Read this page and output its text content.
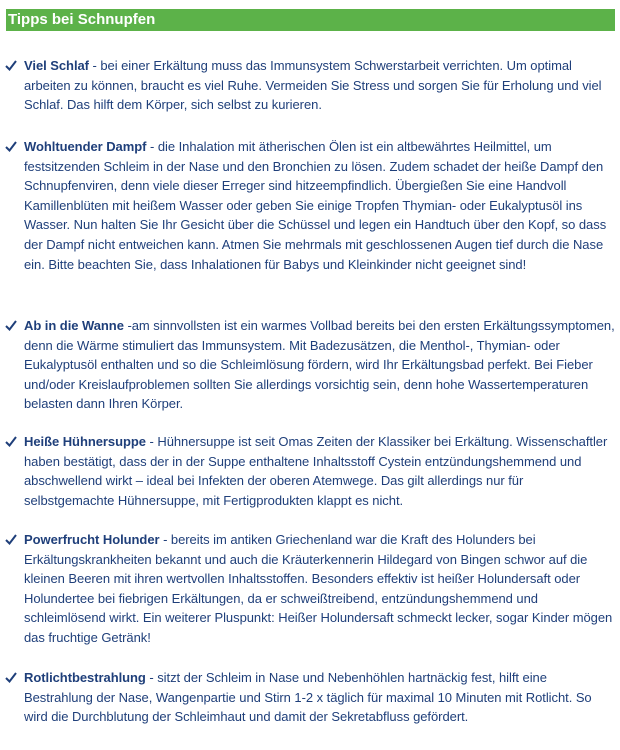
Tipps bei Schnupfen

Viel Schlaf - bei einer Erkältung muss das Immunsystem Schwerstarbeit verrichten. Um optimal arbeiten zu können, braucht es viel Ruhe. Vermeiden Sie Stress und sorgen Sie für Erholung und viel Schlaf. Das hilft dem Körper, sich selbst zu kurieren.

Wohltuender Dampf - die Inhalation mit ätherischen Ölen ist ein altbewährtes Heilmittel, um festsitzenden Schleim in der Nase und den Bronchien zu lösen. Zudem schadet der heiße Dampf den Schnupfenviren, denn viele dieser Erreger sind hitzeempfindlich. Übergießen Sie eine Handvoll Kamillenblüten mit heißem Wasser oder geben Sie einige Tropfen Thymian- oder Eukalyptusöl ins Wasser. Nun halten Sie Ihr Gesicht über die Schüssel und legen ein Handtuch über den Kopf, so dass der Dampf nicht entweichen kann. Atmen Sie mehrmals mit geschlossenen Augen tief durch die Nase ein. Bitte beachten Sie, dass Inhalationen für Babys und Kleinkinder nicht geeignet sind!

Ab in die Wanne -am sinnvollsten ist ein warmes Vollbad bereits bei den ersten Erkältungssymptomen, denn die Wärme stimuliert das Immunsystem. Mit Badezusätzen, die Menthol-, Thymian- oder Eukalyptusöl enthalten und so die Schleimlösung fördern, wird Ihr Erkältungsbad perfekt. Bei Fieber und/oder Kreislaufproblemen sollten Sie allerdings vorsichtig sein, denn hohe Wassertemperaturen belasten dann Ihren Körper.

Heiße Hühnersuppe - Hühnersuppe ist seit Omas Zeiten der Klassiker bei Erkältung. Wissenschaftler haben bestätigt, dass der in der Suppe enthaltene Inhaltsstoff Cystein entzündungshemmend und abschwellend wirkt – ideal bei Infekten der oberen Atemwege. Das gilt allerdings nur für selbstgemachte Hühnersuppe, mit Fertigprodukten klappt es nicht.

Powerfrucht Holunder - bereits im antiken Griechenland war die Kraft des Holunders bei Erkältungskrankheiten bekannt und auch die Kräuterkennerin Hildegard von Bingen schwor auf die kleinen Beeren mit ihren wertvollen Inhaltsstoffen. Besonders effektiv ist heißer Holundersaft oder Holundertee bei fiebrigen Erkältungen, da er schweißtreibend, entzündungshemmend und schleimlösend wirkt. Ein weiterer Pluspunkt: Heißer Holundersaft schmeckt lecker, sogar Kinder mögen das fruchtige Getränk!

Rotlichtbestrahlung - sitzt der Schleim in Nase und Nebenhöhlen hartnäckig fest, hilft eine Bestrahlung der Nase, Wangenpartie und Stirn 1-2 x täglich für maximal 10 Minuten mit Rotlicht. So wird die Durchblutung der Schleimhaut und damit der Sekretabfluss gefördert.
